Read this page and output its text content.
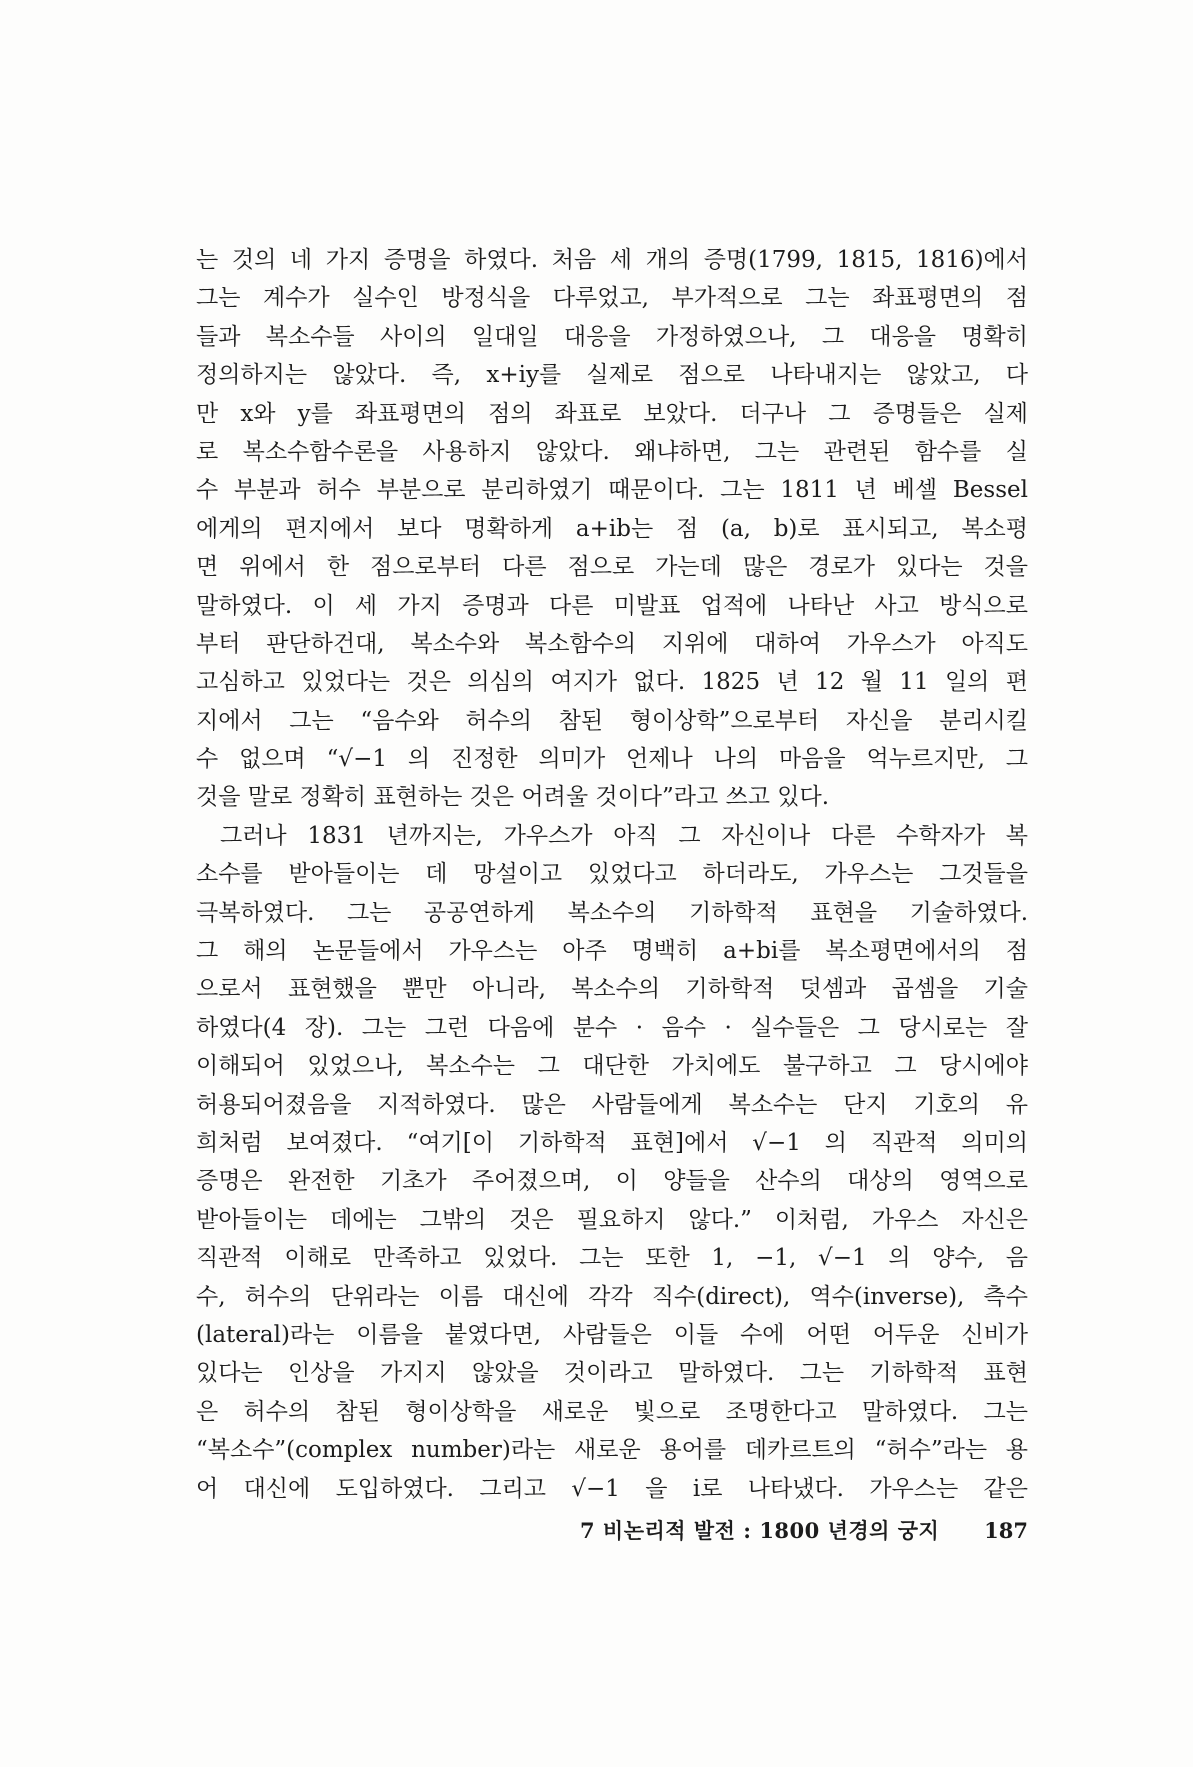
는 것의 네 가지 증명을 하였다. 처음 세 개의 증명(1799, 1815, 1816)에서
그는 계수가 실수인 방정식을 다루었고, 부가적으로 그는 좌표평면의 점
들과 복소수들 사이의 일대일 대응을 가정하였으나, 그 대응을 명확히
정의하지는 않았다. 즉, x+iy를 실제로 점으로 나타내지는 않았고, 다
만 x와 y를 좌표평면의 점의 좌표로 보았다. 더구나 그 증명들은 실제
로 복소수함수론을 사용하지 않았다. 왜냐하면, 그는 관련된 함수를 실
수 부분과 허수 부분으로 분리하였기 때문이다. 그는 1811 년 베셀 Bessel
에게의 편지에서 보다 명확하게 a+ib는 점 (a, b)로 표시되고, 복소평
면 위에서 한 점으로부터 다른 점으로 가는데 많은 경로가 있다는 것을
말하였다. 이 세 가지 증명과 다른 미발표 업적에 나타난 사고 방식으로
부터 판단하건대, 복소수와 복소함수의 지위에 대하여 가우스가 아직도
고심하고 있었다는 것은 의심의 여지가 없다. 1825 년 12 월 11 일의 편
지에서 그는 “음수와 허수의 참된 형이상학”으로부터 자신을 분리시킬
수 없으며 “√−1 의 진정한 의미가 언제나 나의 마음을 억누르지만, 그
것을 말로 정확히 표현하는 것은 어려울 것이다”라고 쓰고 있다.
그러나 1831 년까지는, 가우스가 아직 그 자신이나 다른 수학자가 복
소수를 받아들이는 데 망설이고 있었다고 하더라도, 가우스는 그것들을
극복하였다. 그는 공공연하게 복소수의 기하학적 표현을 기술하였다.
그 해의 논문들에서 가우스는 아주 명백히 a+bi를 복소평면에서의 점
으로서 표현했을 뿐만 아니라, 복소수의 기하학적 덧셈과 곱셈을 기술
하였다(4 장). 그는 그런 다음에 분수 · 음수 · 실수들은 그 당시로는 잘
이해되어 있었으나, 복소수는 그 대단한 가치에도 불구하고 그 당시에야
허용되어졌음을 지적하였다. 많은 사람들에게 복소수는 단지 기호의 유
희처럼 보여졌다. “여기[이 기하학적 표현]에서 √−1 의 직관적 의미의
증명은 완전한 기초가 주어졌으며, 이 양들을 산수의 대상의 영역으로
받아들이는 데에는 그밖의 것은 필요하지 않다.” 이처럼, 가우스 자신은
직관적 이해로 만족하고 있었다. 그는 또한 1, −1, √−1 의 양수, 음
수, 허수의 단위라는 이름 대신에 각각 직수(direct), 역수(inverse), 측수
(lateral)라는 이름을 붙였다면, 사람들은 이들 수에 어떤 어두운 신비가
있다는 인상을 가지지 않았을 것이라고 말하였다. 그는 기하학적 표현
은 허수의 참된 형이상학을 새로운 빛으로 조명한다고 말하였다. 그는
“복소수”(complex number)라는 새로운 용어를 데카르트의 “허수”라는 용
어 대신에 도입하였다. 그리고 √−1 을 i로 나타냈다. 가우스는 같은
7 비논리적 발전 : 1800 년경의 궁지 187
